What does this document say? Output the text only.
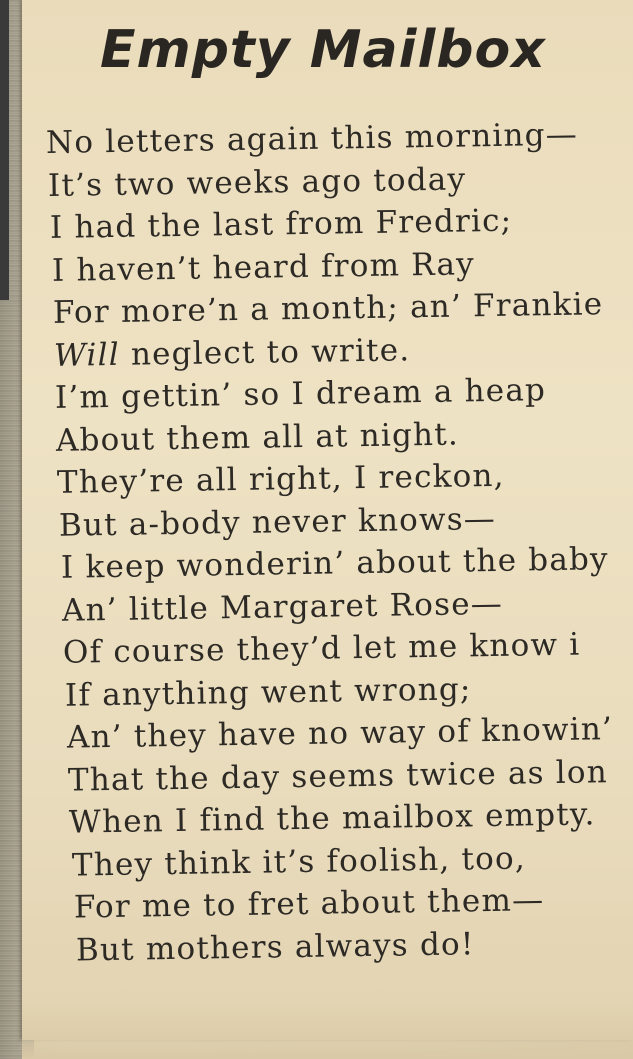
Empty Mailbox
No letters again this morning—
It’s two weeks ago today
I had the last from Fredric;
I haven’t heard from Ray
For more’n a month; an’ Frankie
Will neglect to write.
I’m gettin’ so I dream a heap
About them all at night.
They’re all right, I reckon,
But a-body never knows—
I keep wonderin’ about the baby
An’ little Margaret Rose—
Of course they’d let me know i
If anything went wrong;
An’ they have no way of knowin’
That the day seems twice as lon
When I find the mailbox empty.
They think it’s foolish, too,
For me to fret about them—
But mothers always do!
